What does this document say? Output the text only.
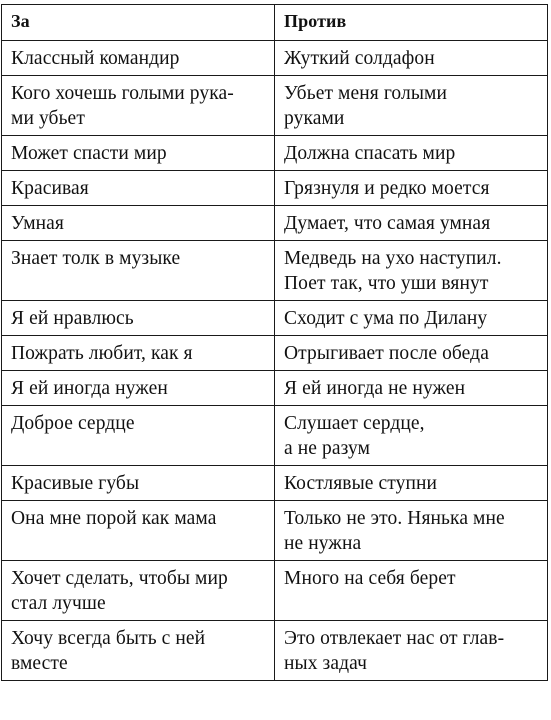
За	Против

Классный командир	Жуткий солдафон

Кого хочешь голыми рука-
ми убьет	Убьет меня голыми
руками

Может спасти мир	Должна спасать мир

Красивая	Грязнуля и редко моется

Умная	Думает, что самая умная

Знает толк в музыке	Медведь на ухо наступил.
Поет так, что уши вянут

Я ей нравлюсь	Сходит с ума по Дилану

Пожрать любит, как я	Отрыгивает после обеда

Я ей иногда нужен	Я ей иногда не нужен

Доброе сердце	Слушает сердце,
а не разум

Красивые губы	Костлявые ступни

Она мне порой как мама	Только не это. Нянька мне
не нужна

Хочет сделать, чтобы мир
стал лучше	Много на себя берет

Хочу всегда быть с ней
вместе	Это отвлекает нас от глав-
ных задач
